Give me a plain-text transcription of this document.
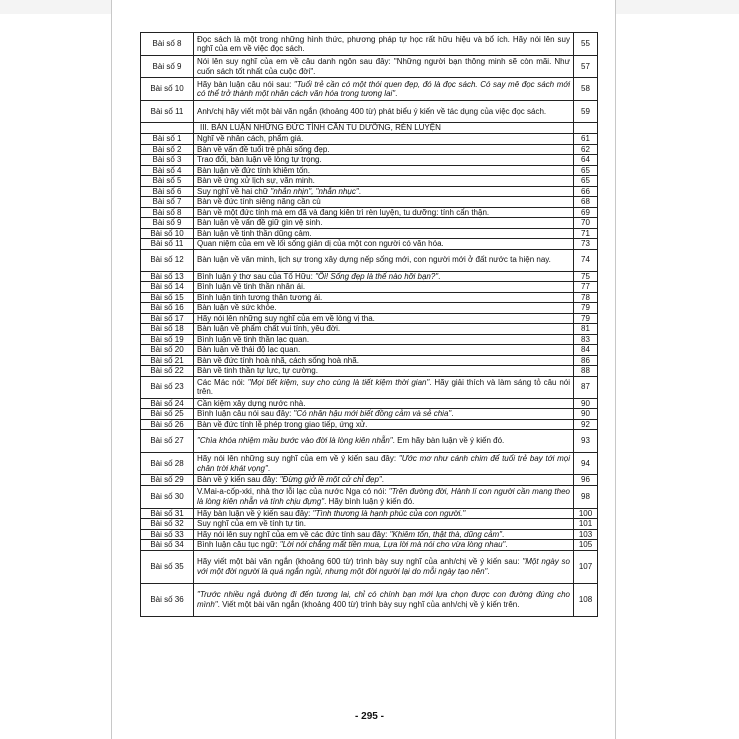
Bài số 8	Đọc sách là một trong những hình thức, phương pháp tự học rất hữu hiệu và bổ ích. Hãy nói lên suy nghĩ của em về việc đọc sách.	55
Bài số 9	Nói lên suy nghĩ của em về câu danh ngôn sau đây: "Những người bạn thông minh sẽ còn mãi. Như cuốn sách tốt nhất của cuộc đời".	57
Bài số 10	Hãy bàn luận câu nói sau: "Tuổi trẻ cần có một thói quen đẹp, đó là đọc sách. Có say mê đọc sách mới có thể trở thành một nhân cách văn hóa trong tương lai".	58
Bài số 11	Anh/chị hãy viết một bài văn ngắn (khoảng 400 từ) phát biểu ý kiến về tác dụng của việc đọc sách.	59
	III. BÀN LUẬN NHỮNG ĐỨC TÍNH CẦN TU DƯỠNG, RÈN LUYỆN	
Bài số 1	Nghĩ về nhân cách, phẩm giá.	61
Bài số 2	Bàn về vấn đề tuổi trẻ phải sống đẹp.	62
Bài số 3	Trao đổi, bàn luận về lòng tự trọng.	64
Bài số 4	Bàn luận về đức tính khiêm tốn.	65
Bài số 5	Bàn về ứng xử lịch sự, văn minh.	65
Bài số 6	Suy nghĩ về hai chữ "nhẫn nhịn", "nhẫn nhục".	66
Bài số 7	Bàn về đức tính siêng năng cần cù	68
Bài số 8	Bàn về một đức tính mà em đã và đang kiên trì rèn luyện, tu dưỡng: tính cẩn thận.	69
Bài số 9	Bàn luận về vấn đề giữ gìn vệ sinh.	70
Bài số 10	Bàn luận về tinh thần dũng cảm.	71
Bài số 11	Quan niệm của em về lối sống giản dị của một con người có văn hóa.	73
Bài số 12	Bàn luận về văn minh, lịch sự trong xây dựng nếp sống mới, con người mới ở đất nước ta hiện nay.	74
Bài số 13	Bình luận ý thơ sau của Tố Hữu: "Ôi! Sống đẹp là thế nào hỡi bạn?".	75
Bài số 14	Bình luận về tinh thần nhân ái.	77
Bài số 15	Bình luận tinh tương thân tương ái.	78
Bài số 16	Bàn luận về sức khỏe.	79
Bài số 17	Hãy nói lên những suy nghĩ của em về lòng vị tha.	79
Bài số 18	Bàn luận về phẩm chất vui tính, yêu đời.	81
Bài số 19	Bình luận về tinh thần lạc quan.	83
Bài số 20	Bàn luận về thái độ lạc quan.	84
Bài số 21	Bàn về đức tính hoà nhã, cách sống hoà nhã.	86
Bài số 22	Bàn về tinh thần tự lực, tự cường.	88
Bài số 23	Các Mác nói: "Mọi tiết kiệm, suy cho cùng là tiết kiệm thời gian". Hãy giải thích và làm sáng tỏ câu nói trên.	87
Bài số 24	Cần kiệm xây dựng nước nhà.	90
Bài số 25	Bình luận câu nói sau đây: "Có nhân hậu mới biết đồng cảm và sẻ chia".	90
Bài số 26	Bàn về đức tính lễ phép trong giao tiếp, ứng xử.	92
Bài số 27	"Chìa khóa nhiệm mầu bước vào đời là lòng kiên nhẫn". Em hãy bàn luận về ý kiến đó.	93
Bài số 28	Hãy nói lên những suy nghĩ của em về ý kiến sau đây: "Ước mơ như cánh chim để tuổi trẻ bay tới mọi chân trời khát vọng".	94
Bài số 29	Bàn về ý kiến sau đây: "Đừng giở lề một cử chỉ đẹp".	96
Bài số 30	V.Mai-a-cốp-xki, nhà thơ lỗi lạc của nước Nga có nói: "Trên đường đời, Hành lí con người cần mang theo là lòng kiên nhẫn và tính chịu đựng". Hãy bình luận ý kiến đó.	98
Bài số 31	Hãy bàn luận về ý kiến sau đây: "Tình thương là hạnh phúc của con người."	100
Bài số 32	Suy nghĩ của em về tính tự tin.	101
Bài số 33	Hãy nói lên suy nghĩ của em về các đức tính sau đây: "Khiêm tốn, thật thà, dũng cảm".	103
Bài số 34	Bình luận câu tục ngữ: "Lời nói chẳng mất tiền mua, Lựa lời mà nói cho vừa lòng nhau".	105
Bài số 35	Hãy viết một bài văn ngắn (khoảng 600 từ) trình bày suy nghĩ của anh/chị về ý kiến sau: "Một ngày so với một đời người là quá ngắn ngủi, nhưng một đời người lại do mỗi ngày tạo nên".	107
Bài số 36	"Trước nhiều ngả đường đi đến tương lai, chỉ có chính bạn mới lựa chọn được con đường đúng cho mình". Viết một bài văn ngắn (khoảng 400 từ) trình bày suy nghĩ của anh/chị về ý kiến trên.	108
- 295 -
